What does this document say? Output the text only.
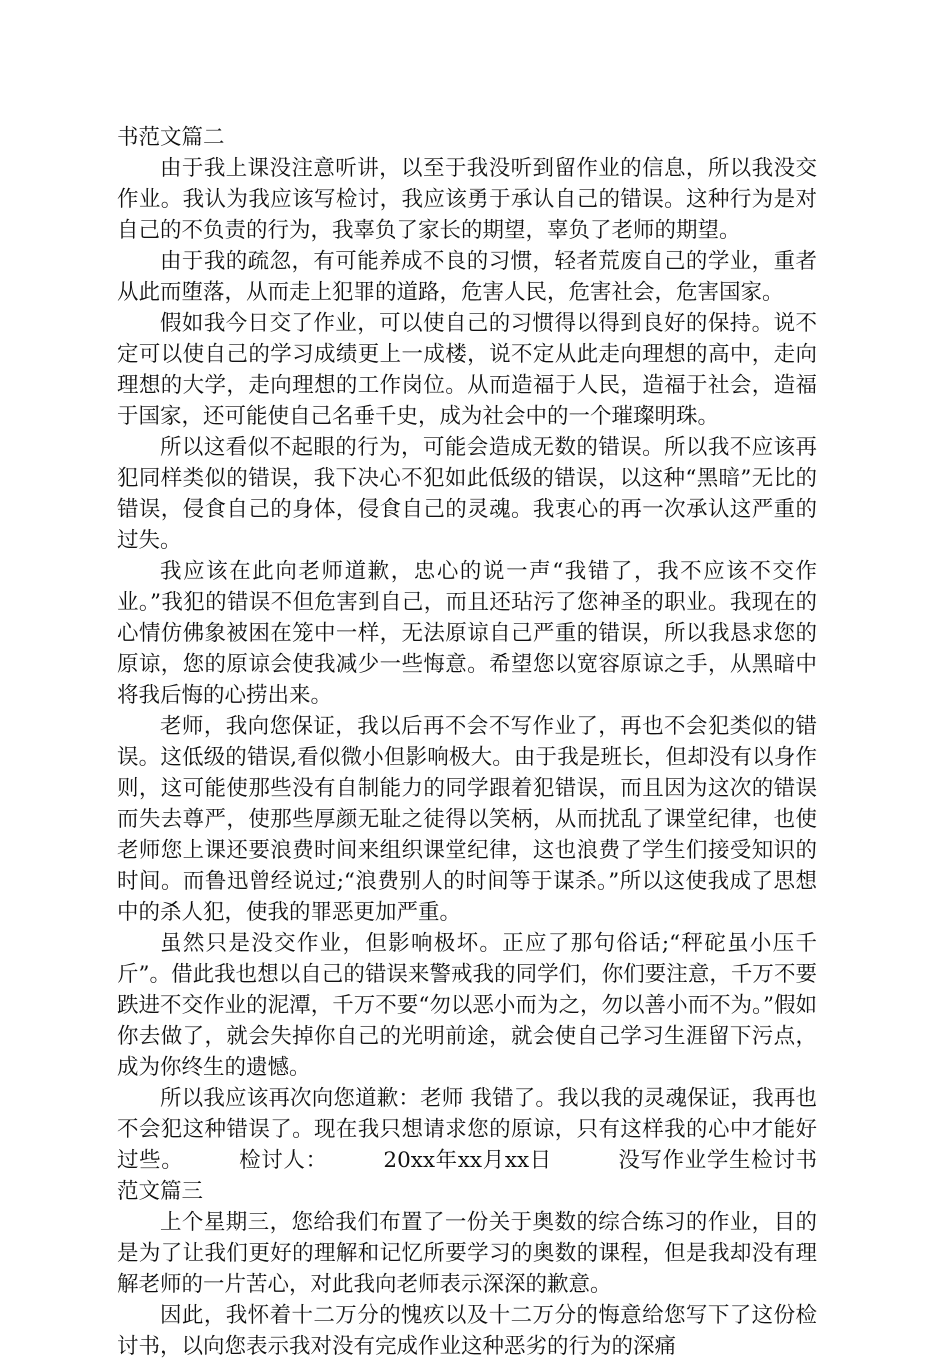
书范文篇二

由于我上课没注意听讲，以至于我没听到留作业的信息，所以我没交作业。我认为我应该写检讨，我应该勇于承认自己的错误。这种行为是对自己的不负责的行为，我辜负了家长的期望，辜负了老师的期望。

由于我的疏忽，有可能养成不良的习惯，轻者荒废自己的学业，重者从此而堕落，从而走上犯罪的道路，危害人民，危害社会，危害国家。

假如我今日交了作业，可以使自己的习惯得以得到良好的保持。说不定可以使自己的学习成绩更上一成楼，说不定从此走向理想的高中，走向理想的大学，走向理想的工作岗位。从而造福于人民，造福于社会，造福于国家，还可能使自己名垂千史，成为社会中的一个璀璨明珠。

所以这看似不起眼的行为，可能会造成无数的错误。所以我不应该再犯同样类似的错误，我下决心不犯如此低级的错误，以这种“黑暗”无比的错误，侵食自己的身体，侵食自己的灵魂。我衷心的再一次承认这严重的过失。

我应该在此向老师道歉，忠心的说一声“我错了，我不应该不交作业。”我犯的错误不但危害到自己，而且还玷污了您神圣的职业。我现在的心情仿佛象被困在笼中一样，无法原谅自己严重的错误，所以我恳求您的原谅，您的原谅会使我减少一些悔意。希望您以宽容原谅之手，从黑暗中将我后悔的心捞出来。

老师，我向您保证，我以后再不会不写作业了，再也不会犯类似的错误。这低级的错误,看似微小但影响极大。由于我是班长，但却没有以身作则，这可能使那些没有自制能力的同学跟着犯错误，而且因为这次的错误而失去尊严，使那些厚颜无耻之徒得以笑柄，从而扰乱了课堂纪律，也使老师您上课还要浪费时间来组织课堂纪律，这也浪费了学生们接受知识的时间。而鲁迅曾经说过;“浪费别人的时间等于谋杀。”所以这使我成了思想中的杀人犯，使我的罪恶更加严重。

虽然只是没交作业，但影响极坏。正应了那句俗话;“秤砣虽小压千斤”。借此我也想以自己的错误来警戒我的同学们，你们要注意，千万不要跌进不交作业的泥潭，千万不要“勿以恶小而为之，勿以善小而不为。”假如你去做了，就会失掉你自己的光明前途，就会使自己学习生涯留下污点，成为你终生的遗憾。

所以我应该再次向您道歉：老师 我错了。我以我的灵魂保证，我再也不会犯这种错误了。现在我只想请求您的原谅，只有这样我的心中才能好过些。　　　检讨人：　　　20xx年xx月xx日　　　没写作业学生检讨书范文篇三

上个星期三，您给我们布置了一份关于奥数的综合练习的作业，目的是为了让我们更好的理解和记忆所要学习的奥数的课程，但是我却没有理解老师的一片苦心，对此我向老师表示深深的歉意。

因此，我怀着十二万分的愧疚以及十二万分的悔意给您写下了这份检讨书，以向您表示我对没有完成作业这种恶劣的行为的深痛
